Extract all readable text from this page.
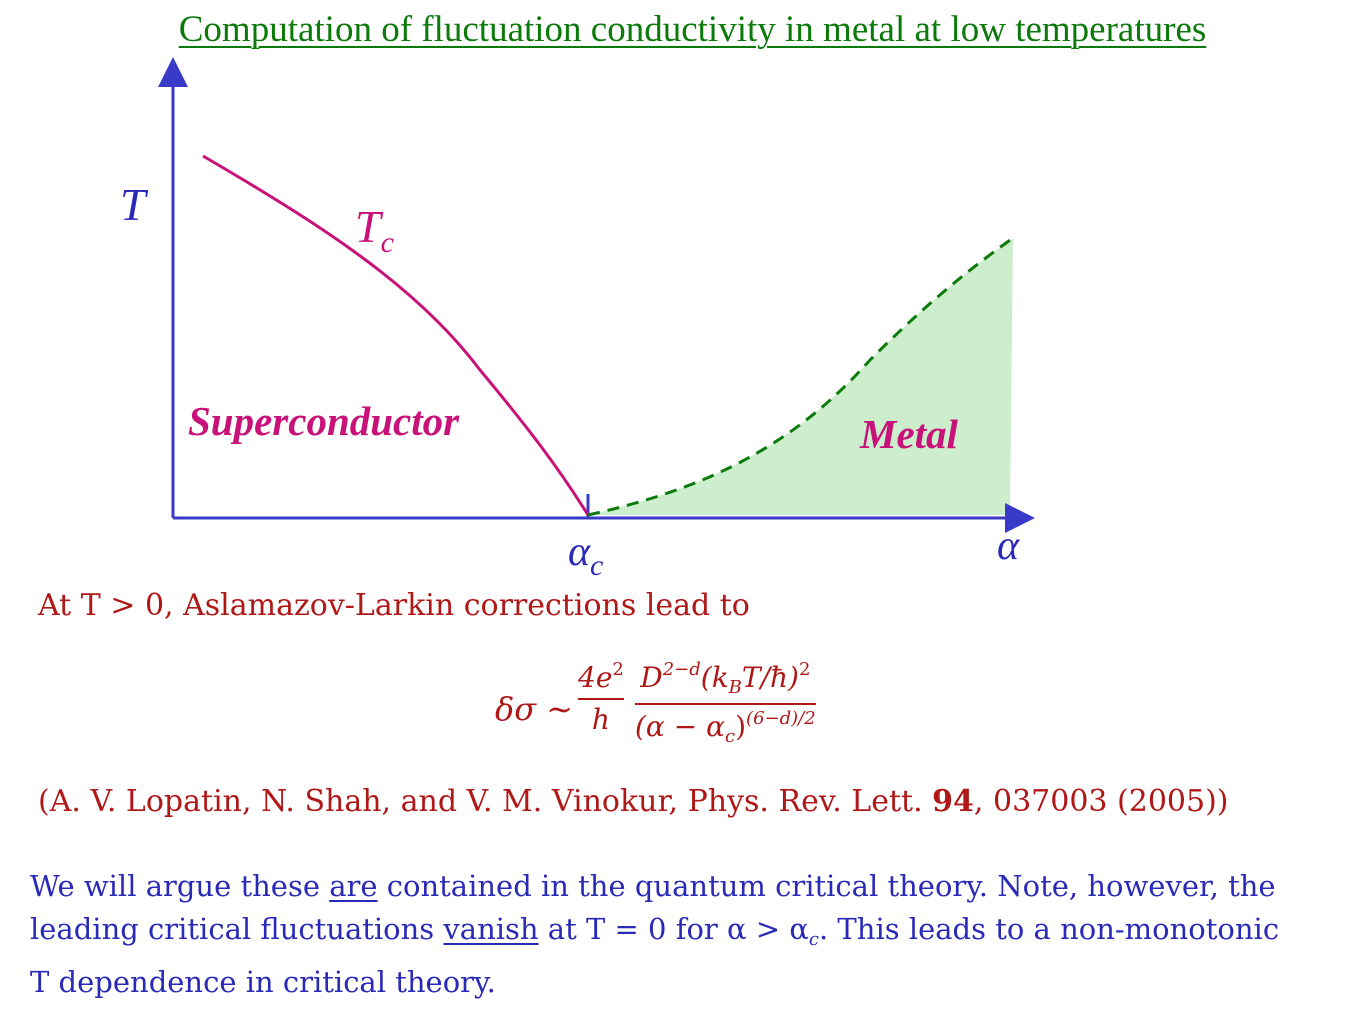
Computation of fluctuation conductivity in metal at low temperatures
T	$T_c$
Superconductor	Metal
$\alpha_c$	α
At T > 0, Aslamazov-Larkin corrections lead to
δσ ∼
$4e^2$
h
$D^{2-d}(k_BT/ħ)^2$
$(\alpha - \alpha_c)^{(6-d)/2}$
(A. V. Lopatin, N. Shah, and V. M. Vinokur, Phys. Rev. Lett. 94, 037003 (2005))
We will argue these are contained in the quantum critical theory. Note, however, the
leading critical fluctuations vanish at T = 0 for $\alpha > \alpha_c$. This leads to a non-monotonic
T dependence in critical theory.
